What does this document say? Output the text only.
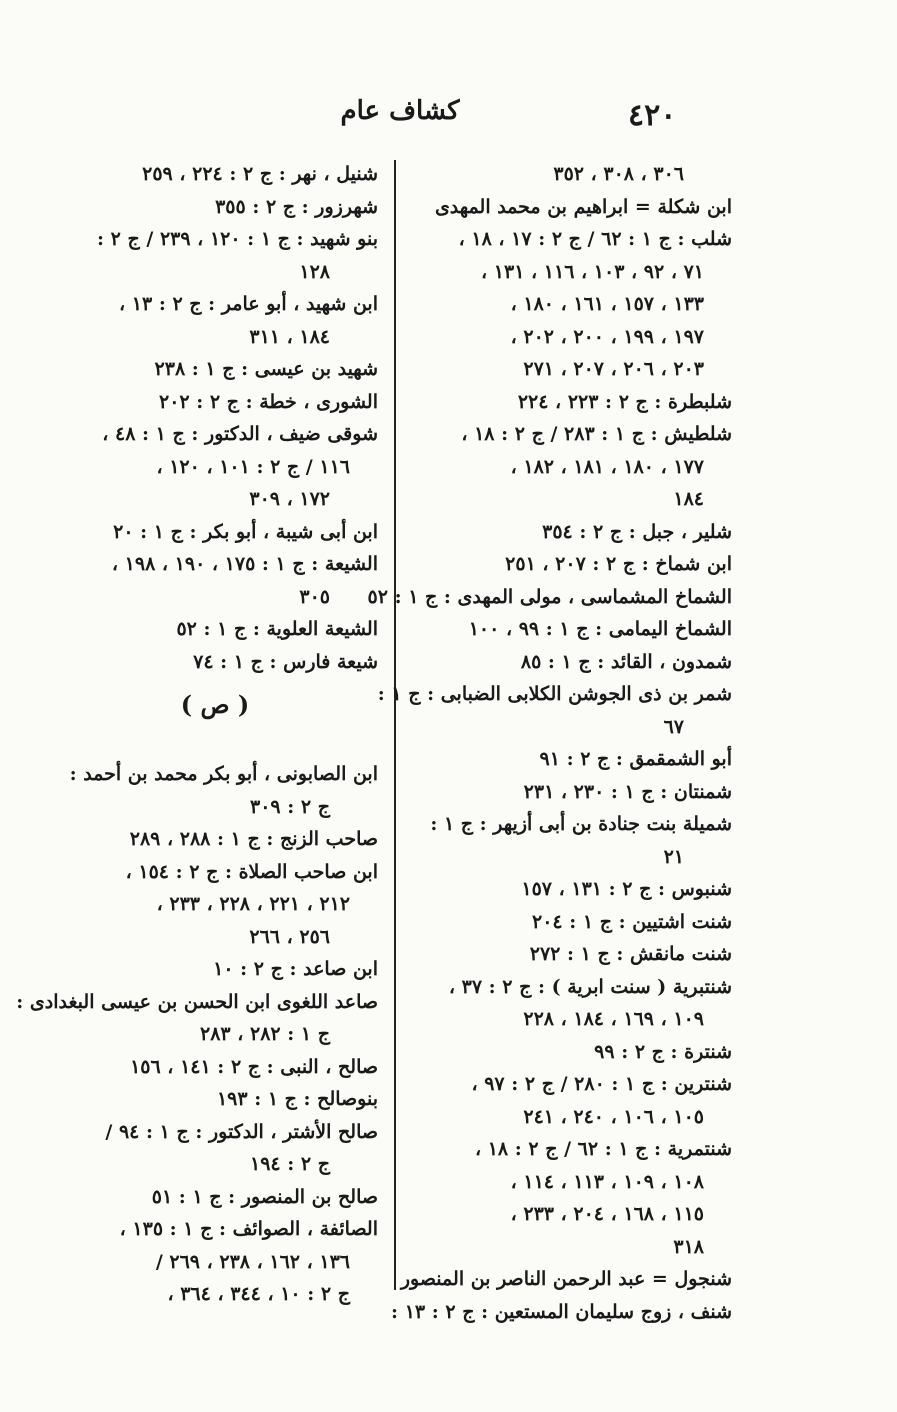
٤٢٠
كشاف عام
٣٠٦ ، ٣٠٨ ، ٣٥٢
ابن شكلة = ابراهيم بن محمد المهدى
شلب : ج ١ : ٦٢ / ج ٢ : ١٧ ، ١٨ ،
٧١ ، ٩٢ ، ١٠٣ ، ١١٦ ، ١٣١ ،
١٣٣ ، ١٥٧ ، ١٦١ ، ١٨٠ ،
١٩٧ ، ١٩٩ ، ٢٠٠ ، ٢٠٢ ،
٢٠٣ ، ٢٠٦ ، ٢٠٧ ، ٢٧١
شلبطرة : ج ٢ : ٢٢٣ ، ٢٢٤
شلطيش : ج ١ : ٢٨٣ / ج ٢ : ١٨ ،
١٧٧ ، ١٨٠ ، ١٨١ ، ١٨٢ ،
١٨٤
شلير ، جبل : ج ٢ : ٣٥٤
ابن شماخ : ج ٢ : ٢٠٧ ، ٢٥١
الشماخ المشماسى ، مولى المهدى : ج ١ : ٥٢
الشماخ اليمامى : ج ١ : ٩٩ ، ١٠٠
شمدون ، القائد : ج ١ : ٨٥
شمر بن ذى الجوشن الكلابى الضبابى : ج ١ :
٦٧
أبو الشمقمق : ج ٢ : ٩١
شمنتان : ج ١ : ٢٣٠ ، ٢٣١
شميلة بنت جنادة بن أبى أزيهر : ج ١ :
٢١
شنبوس : ج ٢ : ١٣١ ، ١٥٧
شنت اشتيين : ج ١ : ٢٠٤
شنت مانقش : ج ١ : ٢٧٢
شنتبرية ( سنت ابرية ) : ج ٢ : ٣٧ ،
١٠٩ ، ١٦٩ ، ١٨٤ ، ٢٢٨
شنترة : ج ٢ : ٩٩
شنترين : ج ١ : ٢٨٠ / ج ٢ : ٩٧ ،
١٠٥ ، ١٠٦ ، ٢٤٠ ، ٢٤١
شنتمرية : ج ١ : ٦٢ / ج ٢ : ١٨ ،
١٠٨ ، ١٠٩ ، ١١٣ ، ١١٤ ،
١١٥ ، ١٦٨ ، ٢٠٤ ، ٢٣٣ ،
٣١٨
شنجول = عبد الرحمن الناصر بن المنصور
شنف ، زوج سليمان المستعين : ج ٢ : ١٣ :
شنيل ، نهر : ج ٢ : ٢٢٤ ، ٢٥٩
شهرزور : ج ٢ : ٣٥٥
بنو شهيد : ج ١ : ١٢٠ ، ٢٣٩ / ج ٢ :
١٢٨
ابن شهيد ، أبو عامر : ج ٢ : ١٣ ،
١٨٤ ، ٣١١
شهيد بن عيسى : ج ١ : ٢٣٨
الشورى ، خطة : ج ٢ : ٢٠٢
شوقى ضيف ، الدكتور : ج ١ : ٤٨ ،
١١٦ / ج ٢ : ١٠١ ، ١٢٠ ،
١٧٢ ، ٣٠٩
ابن أبى شيبة ، أبو بكر : ج ١ : ٢٠
الشيعة : ج ١ : ١٧٥ ، ١٩٠ ، ١٩٨ ،
٣٠٥
الشيعة العلوية : ج ١ : ٥٢
شيعة فارس : ج ١ : ٧٤
( ص )
ابن الصابونى ، أبو بكر محمد بن أحمد :
ج ٢ : ٣٠٩
صاحب الزنج : ج ١ : ٢٨٨ ، ٢٨٩
ابن صاحب الصلاة : ج ٢ : ١٥٤ ،
٢١٢ ، ٢٢١ ، ٢٢٨ ، ٢٣٣ ،
٢٥٦ ، ٢٦٦
ابن صاعد : ج ٢ : ١٠
صاعد اللغوى ابن الحسن بن عيسى البغدادى :
ج ١ : ٢٨٢ ، ٢٨٣
صالح ، النبى : ج ٢ : ١٤١ ، ١٥٦
بنوصالح : ج ١ : ١٩٣
صالح الأشتر ، الدكتور : ج ١ : ٩٤ /
ج ٢ : ١٩٤
صالح بن المنصور : ج ١ : ٥١
الصائفة ، الصوائف : ج ١ : ١٣٥ ،
١٣٦ ، ١٦٢ ، ٢٣٨ ، ٢٦٩ /
ج ٢ : ١٠ ، ٣٤٤ ، ٣٦٤ ،
